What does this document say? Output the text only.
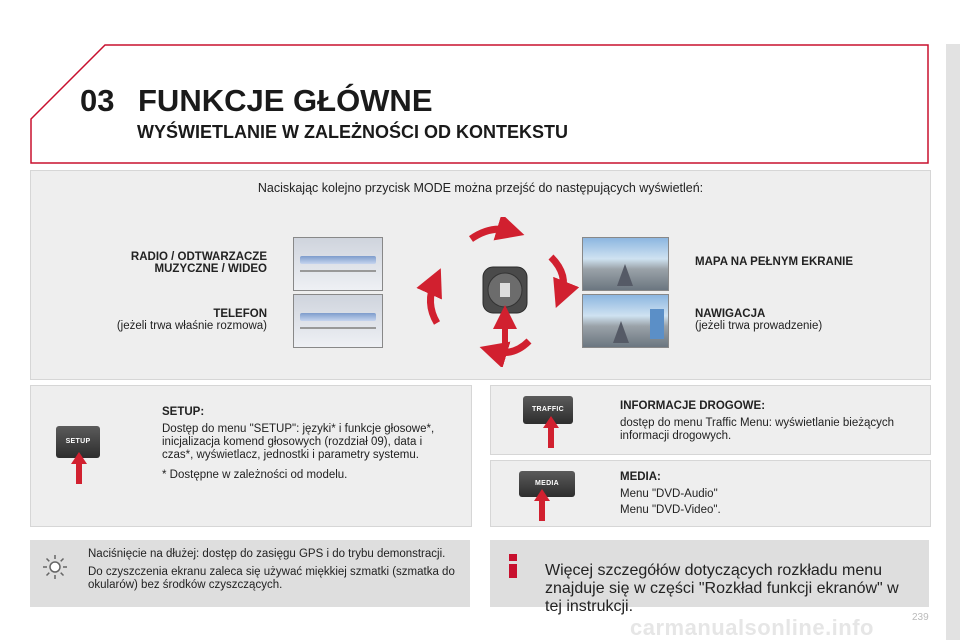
03 FUNKCJE GŁÓWNE
WYŚWIETLANIE W ZALEŻNOŚCI OD KONTEKSTU
Naciskając kolejno przycisk MODE można przejść do następujących wyświetleń:
RADIO / ODTWARZACZE
MUZYCZNE / WIDEO
TELEFON
(jeżeli trwa właśnie rozmowa)
MAPA NA PEŁNYM EKRANIE
NAWIGACJA
(jeżeli trwa prowadzenie)
SETUP
SETUP:

Dostęp do menu "SETUP": języki* i funkcje głosowe*, inicjalizacja komend głosowych (rozdział 09), data i czas*, wyświetlacz, jednostki i parametry systemu.

* Dostępne w zależności od modelu.

TRAFFIC	INFORMACJE DROGOWE:

dostęp do menu Traffic Menu: wyświetlanie bieżących informacji drogowych.

MEDIA
MEDIA:

Menu "DVD-Audio"

Menu "DVD-Video".

Naciśnięcie na dłużej: dostęp do zasięgu GPS i do trybu demonstracji.

Do czyszczenia ekranu zaleca się używać miękkiej szmatki (szmatka do okularów) bez środków czyszczących.

Więcej szczegółów dotyczących rozkładu menu znajduje się w części "Rozkład funkcji ekranów" w tej instrukcji.
carmanualsonline.info	239
